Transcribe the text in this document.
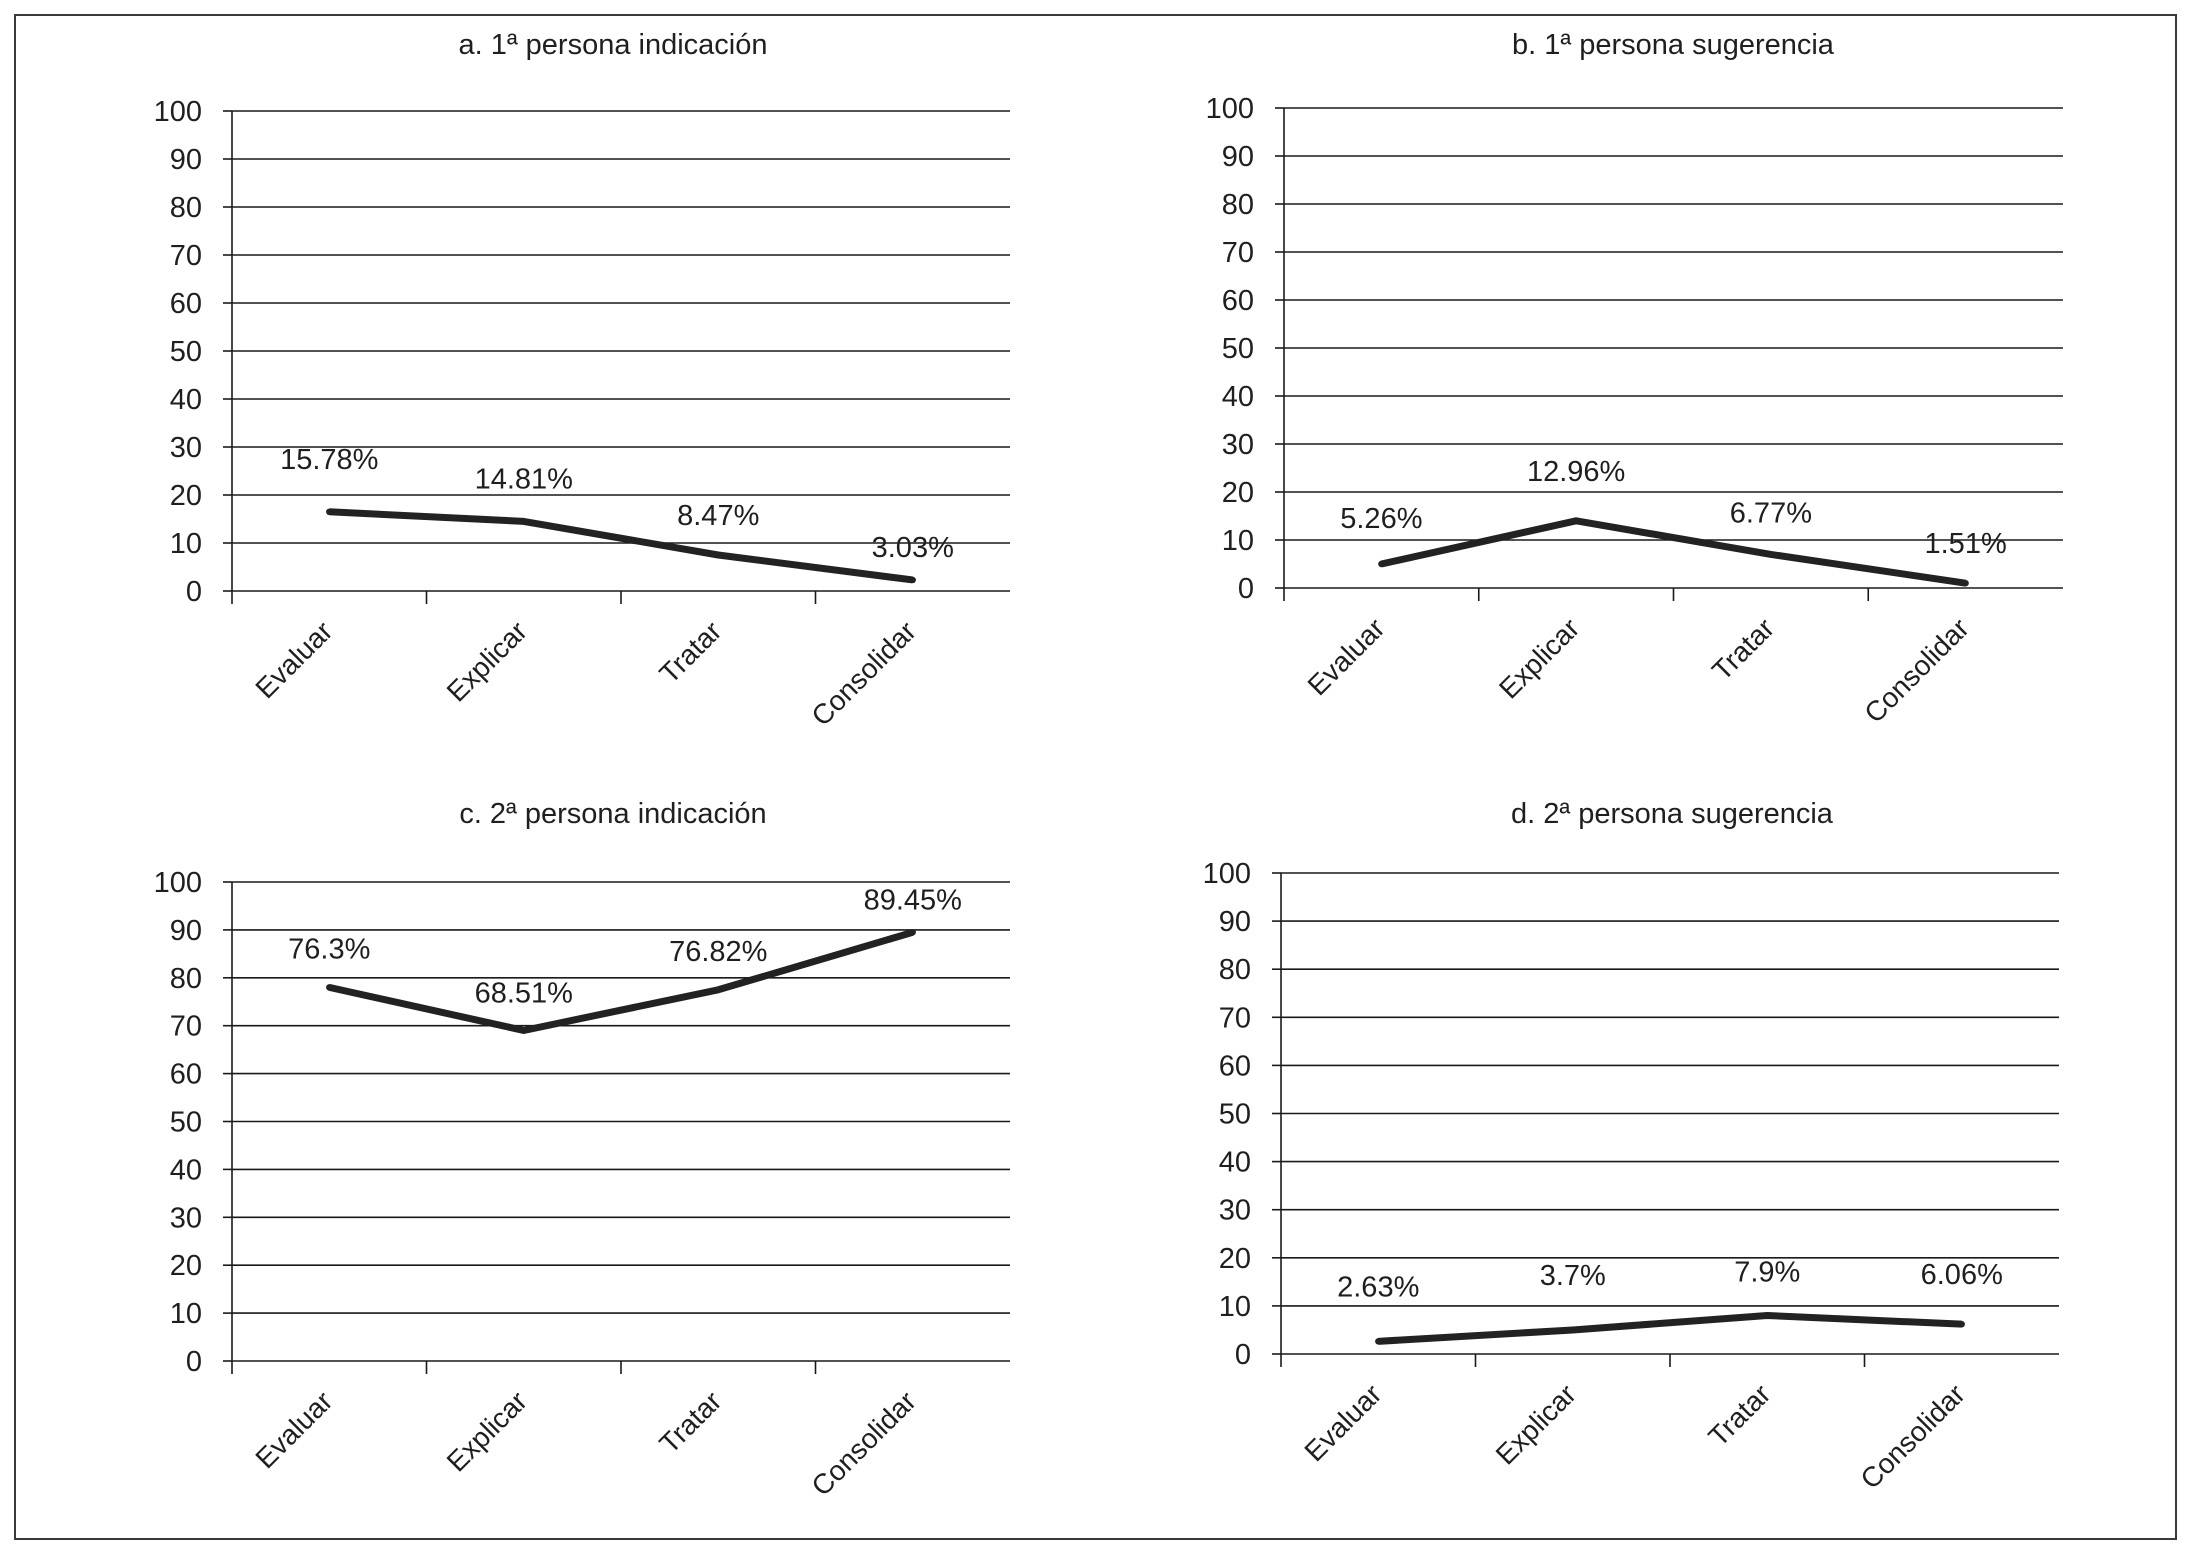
a. 1ª persona indicación
0
10
20
30
40
50
60
70
80
90
100
Evaluar	Explicar	Tratar	Consolidar
15.78%
14.81%
8.47%
3.03%
b. 1ª persona sugerencia
0
10
20
30
40
50
60
70
80
90
100
Evaluar	Explicar	Tratar	Consolidar
5.26%
12.96%
6.77%
1.51%
c. 2ª persona indicación
0
10
20
30
40
50
60
70
80
90
100
Evaluar	Explicar	Tratar	Consolidar
76.3%
68.51%
76.82%
89.45%
d. 2ª persona sugerencia
0
10
20
30
40
50
60
70
80
90
100
Evaluar	Explicar	Tratar	Consolidar
2.63%	3.7%	7.9%	6.06%
